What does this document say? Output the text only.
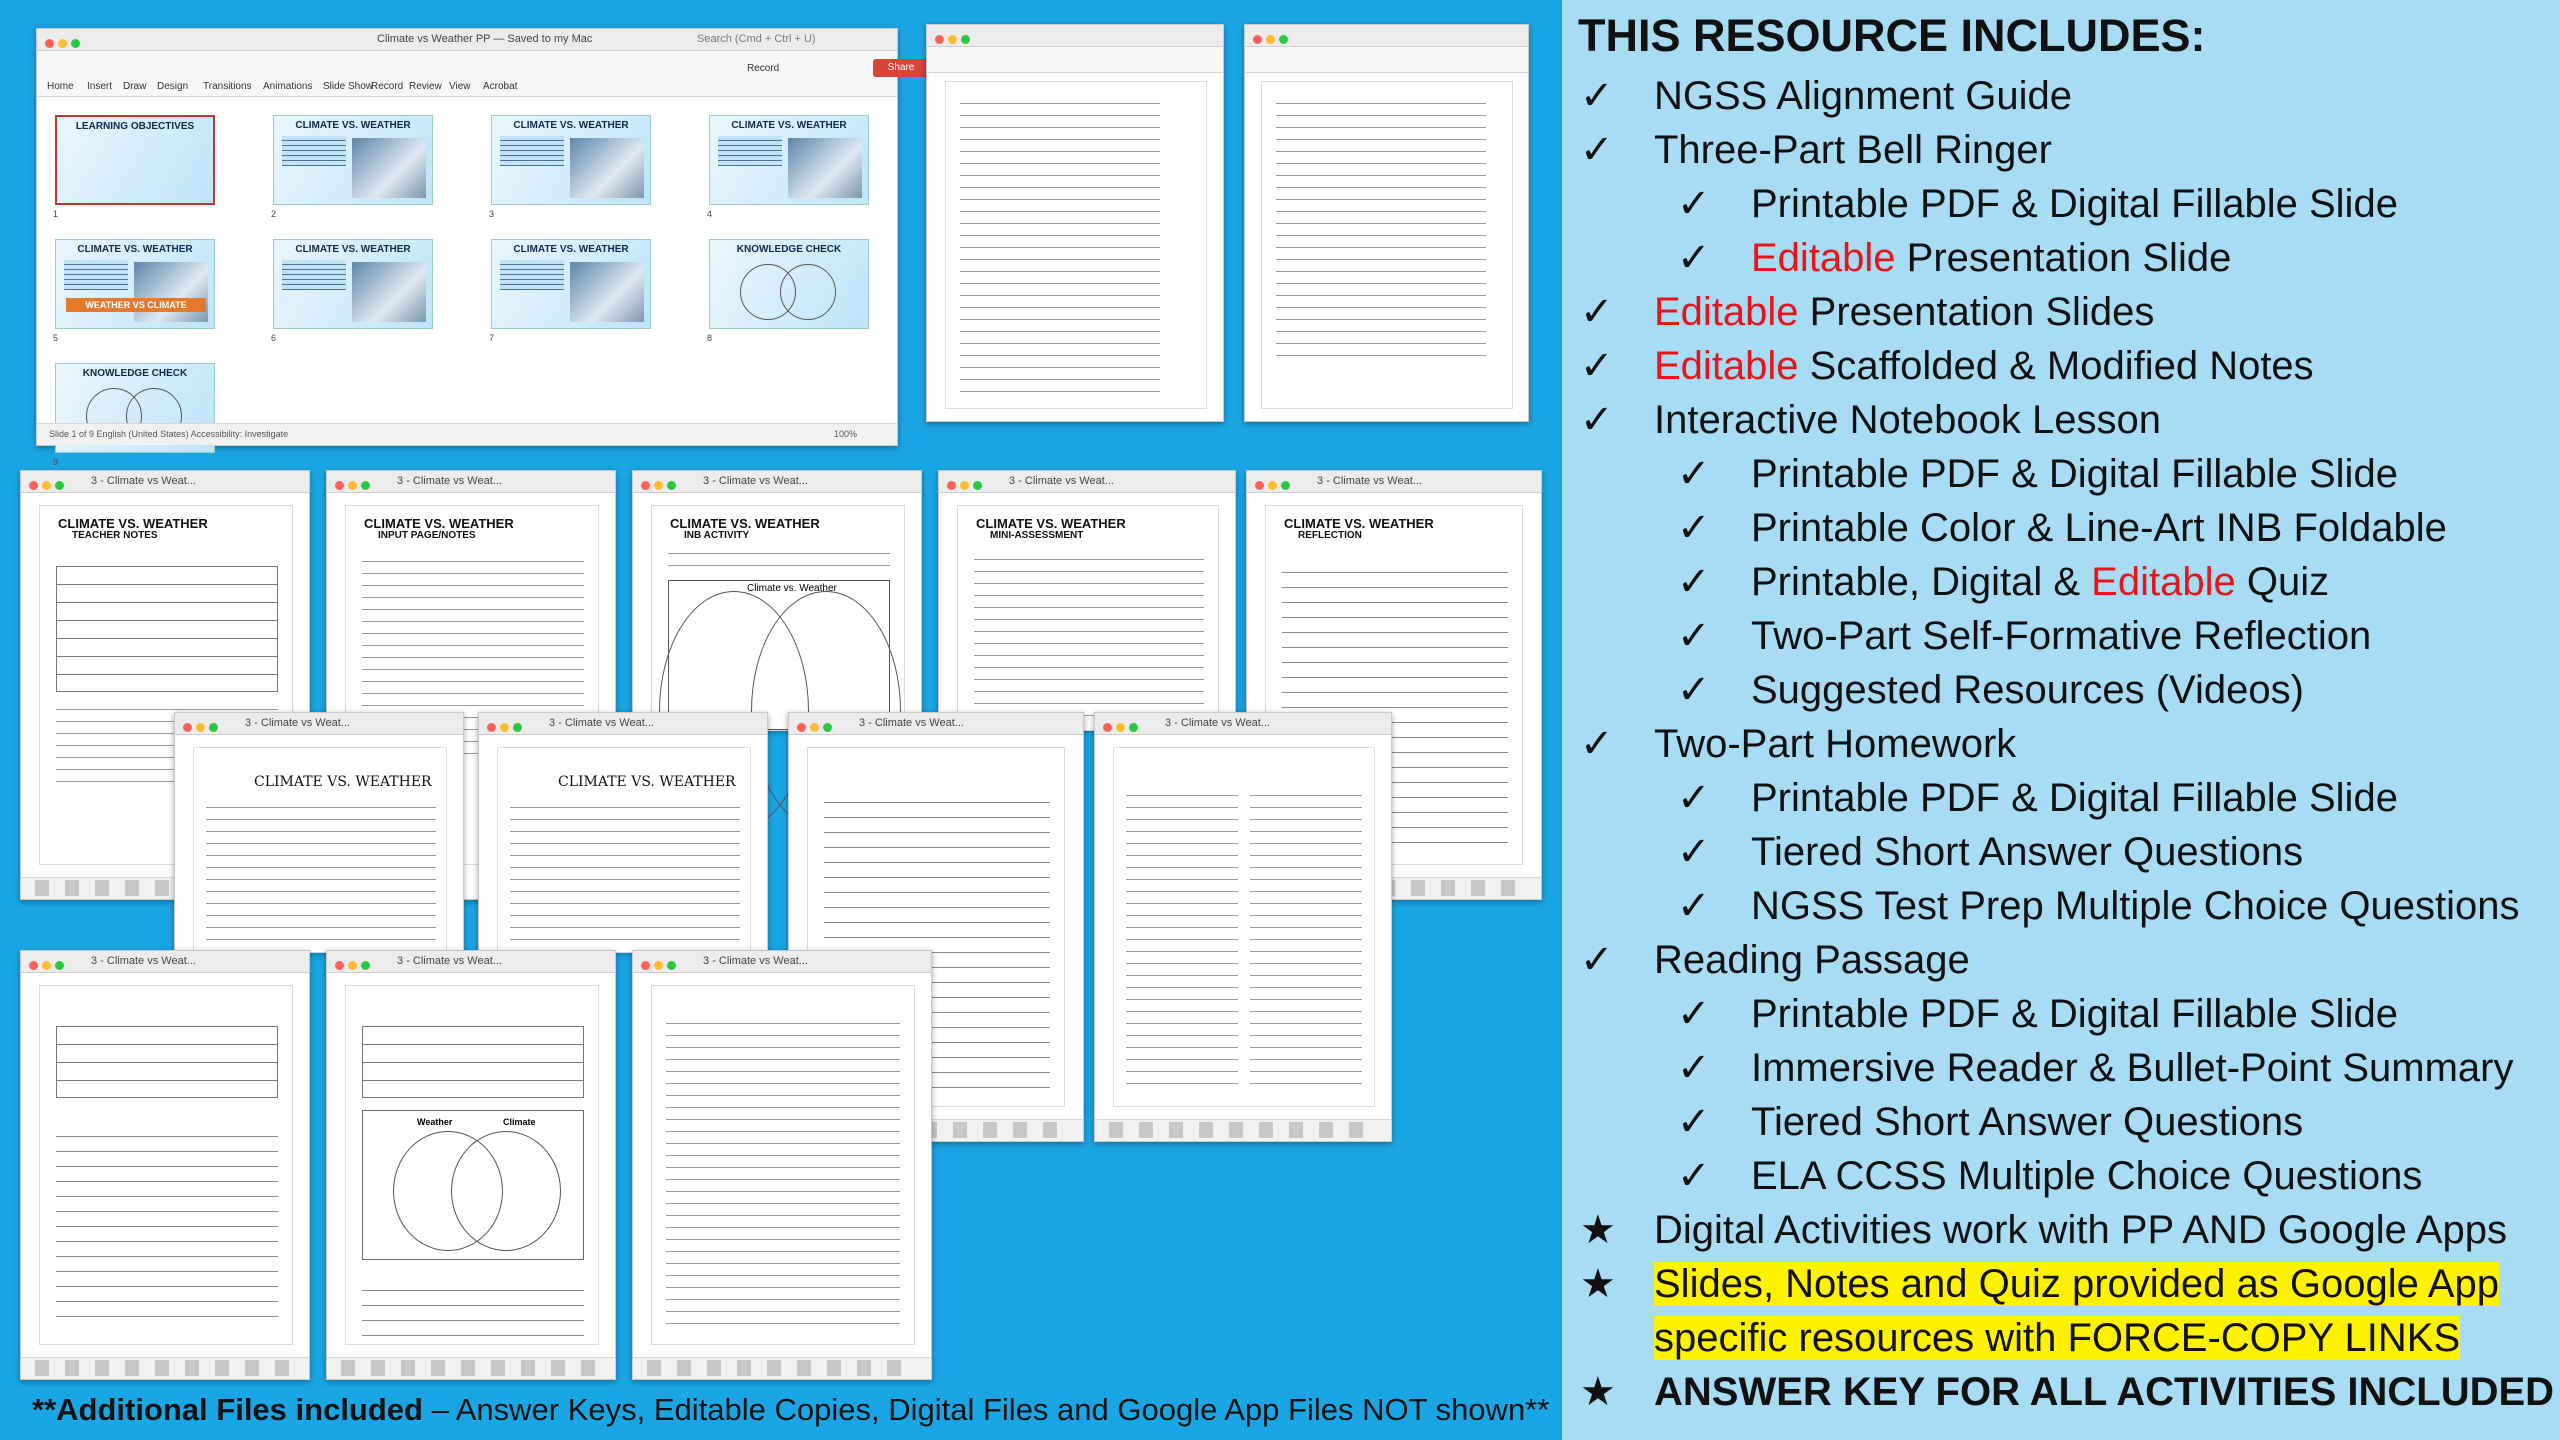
Climate vs Weather PP — Saved to my Mac	Search (Cmd + Ctrl + U)
Home Insert Draw Design Transitions Animations Slide Show
Record Review View Acrobat
Record	Share
LEARNING OBJECTIVES
1
CLIMATE VS. WEATHER
2
CLIMATE VS. WEATHER
3
CLIMATE VS. WEATHER
4
CLIMATE VS. WEATHER
WEATHER VS CLIMATE
5
CLIMATE VS. WEATHER
6
CLIMATE VS. WEATHER
7
KNOWLEDGE CHECK
8
KNOWLEDGE CHECK
9
Slide 1 of 9 English (United States) Accessibility: Investigate	100%
3 - Climate vs Weat...
CLIMATE VS. WEATHER
TEACHER NOTES
3 - Climate vs Weat...
CLIMATE VS. WEATHER
INPUT PAGE/NOTES
3 - Climate vs Weat...
CLIMATE VS. WEATHER
INB ACTIVITY
Climate vs. Weather
3 - Climate vs Weat...
CLIMATE VS. WEATHER
MINI-ASSESSMENT
3 - Climate vs Weat...
CLIMATE VS. WEATHER
REFLECTION
3 - Climate vs Weat...
CLIMATE VS. WEATHER
3 - Climate vs Weat...
CLIMATE VS. WEATHER
3 - Climate vs Weat...	3 - Climate vs Weat...
3 - Climate vs Weat...	3 - Climate vs Weat...
Weather	Climate
3 - Climate vs Weat...
THIS RESOURCE INCLUDES:
✓ NGSS Alignment Guide
✓ Three-Part Bell Ringer
✓ Printable PDF & Digital Fillable Slide
✓ Editable Presentation Slide
✓ Editable Presentation Slides
✓ Editable Scaffolded & Modified Notes
✓ Interactive Notebook Lesson
✓ Printable PDF & Digital Fillable Slide
✓ Printable Color & Line-Art INB Foldable
✓ Printable, Digital & Editable Quiz
✓ Two-Part Self-Formative Reflection
✓ Suggested Resources (Videos)
✓ Two-Part Homework
✓ Printable PDF & Digital Fillable Slide
✓ Tiered Short Answer Questions
✓ NGSS Test Prep Multiple Choice Questions
✓ Reading Passage
✓ Printable PDF & Digital Fillable Slide
✓ Immersive Reader & Bullet-Point Summary
✓ Tiered Short Answer Questions
✓ ELA CCSS Multiple Choice Questions
★ Digital Activities work with PP AND Google Apps
★ Slides, Notes and Quiz provided as Google App
specific resources with FORCE-COPY LINKS
★ ANSWER KEY FOR ALL ACTIVITIES INCLUDED
**Additional Files included – Answer Keys, Editable Copies, Digital Files and Google App Files NOT shown**
